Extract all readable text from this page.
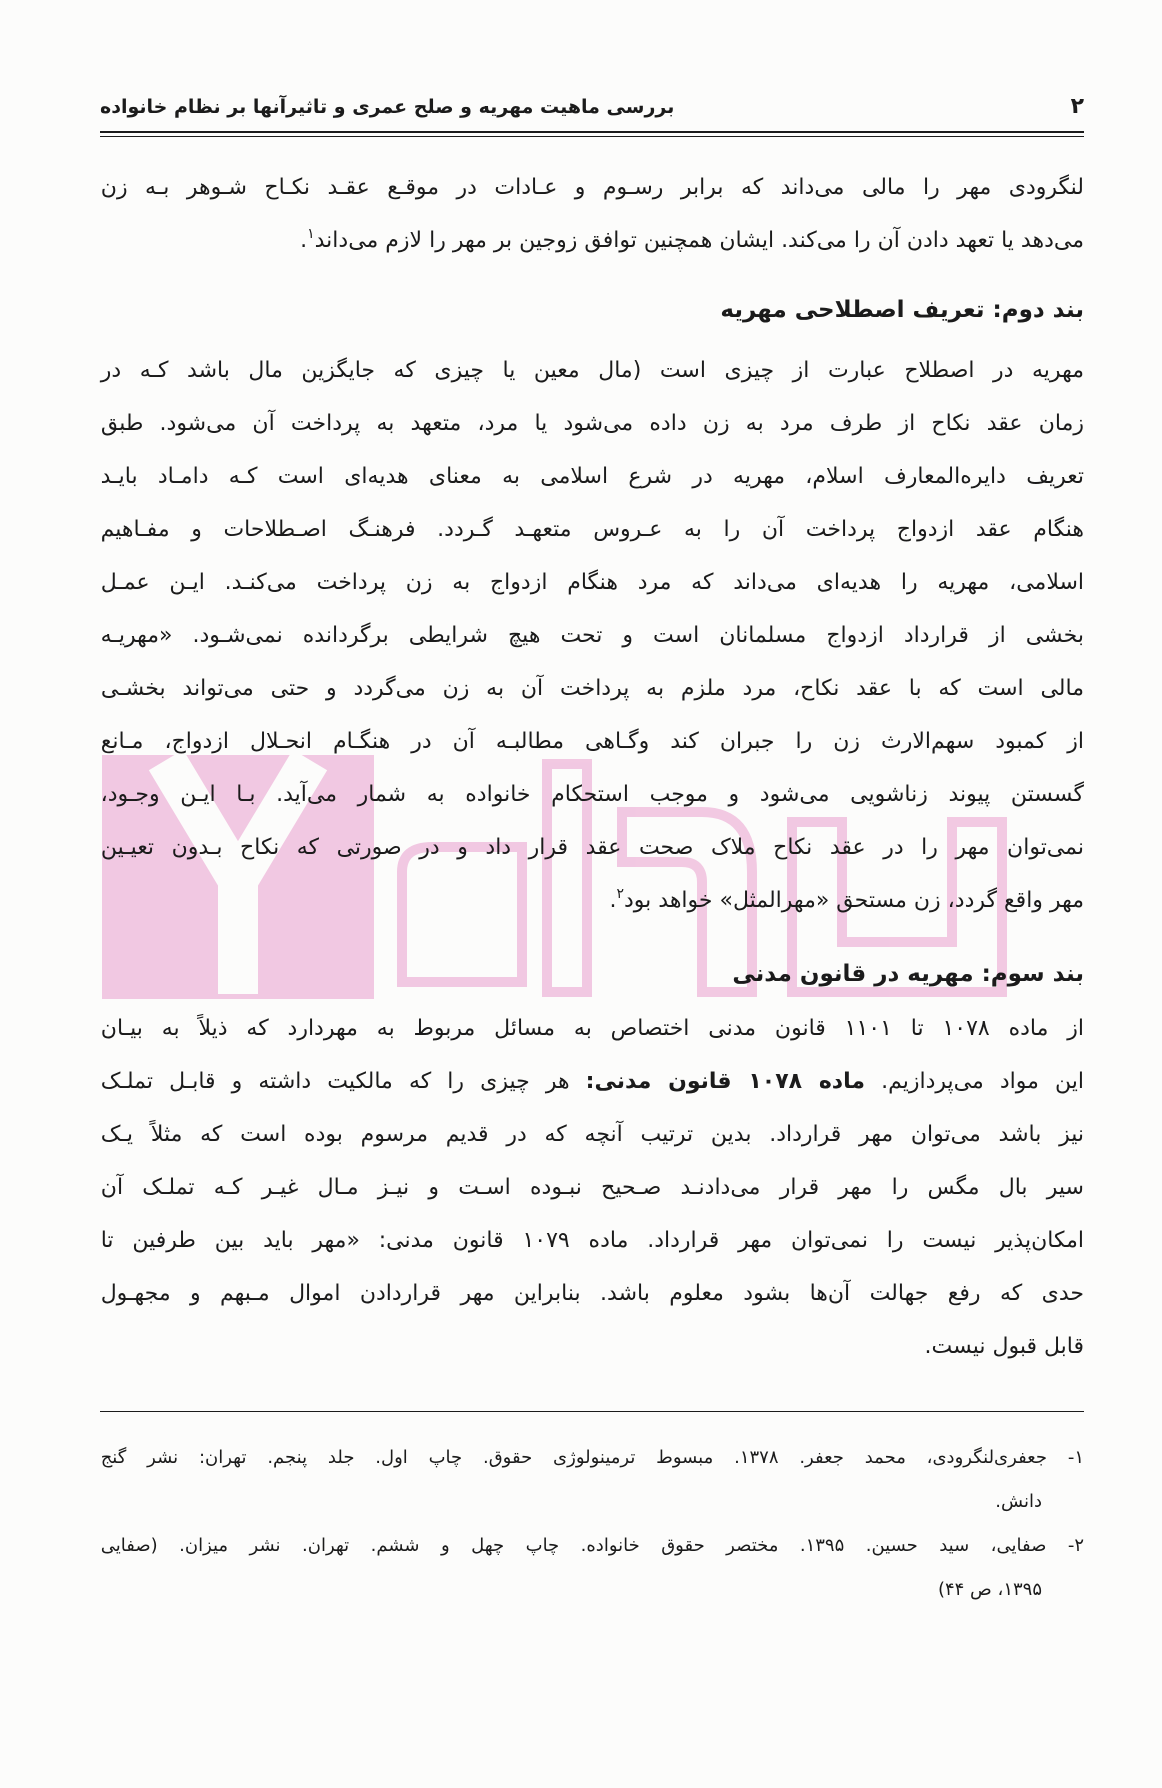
۲
بررسی ماهیت مهریه و صلح عمری و تاثیرآنها بر نظام خانواده
لنگرودی مهر را مالی می‌داند که برابر رسـوم و عـادات در موقـع عقـد نکـاح شـوهر بـه زن
می‌دهد یا تعهد دادن آن را می‌کند. ایشان همچنین توافق زوجین بر مهر را لازم می‌داند$^۱$.
بند دوم: تعریف اصطلاحی مهریه
مهریه در اصطلاح عبارت از چیزی است (مال معین یا چیزی که جایگزین مال باشد کـه در
زمان عقد نکاح از طرف مرد به زن داده می‌شود یا مرد، متعهد به پرداخت آن می‌شود. طبق
تعریف دایره‌المعارف اسلام، مهریه در شرع اسلامی به معنای هدیه‌ای است کـه دامـاد بایـد
هنگام عقد ازدواج پرداخت آن را به عـروس متعهـد گـردد. فرهنـگ اصـطلاحات و مفـاهیم
اسلامی، مهریه را هدیه‌ای می‌داند که مرد هنگام ازدواج به زن پرداخت می‌کنـد. ایـن عمـل
بخشی از قرارداد ازدواج مسلمانان است و تحت هیچ شرایطی برگردانده نمی‌شـود. «مهریـه
مالی است که با عقد نکاح، مرد ملزم به پرداخت آن به زن می‌گردد و حتی می‌تواند بخشـی
از کمبود سهم‌الارث زن را جبران کند وگـاهی مطالبـه آن در هنگـام انحـلال ازدواج، مـانع
گسستن پیوند زناشویی می‌شود و موجب استحکام خانواده به شمار می‌آید. بـا ایـن وجـود،
نمی‌توان مهر را در عقد نکاح ملاک صحت عقد قرار داد و در صورتی که نکاح بـدون تعیـین
مهر واقع گردد، زن مستحق «مهرالمثل» خواهد بود$^۲$.
بند سوم: مهریه در قانون مدنی
از ماده ۱۰۷۸ تا ۱۱۰۱ قانون مدنی اختصاص به مسائل مربوط به مهردارد که ذیلاً به بیـان
این مواد می‌پردازیم. ماده ۱۰۷۸ قانون مدنی: هر چیزی را که مالکیت داشته و قابـل تملـک
نیز باشد می‌توان مهر قرارداد. بدین ترتیب آنچه که در قدیم مرسوم بوده است که مثلاً یـک
سیر بال مگس را مهر قرار می‌دادنـد صـحیح نبـوده اسـت و نیـز مـال غیـر کـه تملـک آن
امکان‌پذیر نیست را نمی‌توان مهر قرارداد. ماده ۱۰۷۹ قانون مدنی: «مهر باید بین طرفین تا
حدی که رفع جهالت آن‌ها بشود معلوم باشد. بنابراین مهر قراردادن اموال مـبهم و مجهـول
قابل قبول نیست.
۱- جعفری‌لنگرودی، محمد جعفر. ۱۳۷۸. مبسوط ترمینولوژی حقوق. چاپ اول. جلد پنجم. تهران: نشر گنج
دانش.
۲- صفایی، سید حسین. ۱۳۹۵. مختصر حقوق خانواده. چاپ چهل و ششم. تهران. نشر میزان. (صفایی
۱۳۹۵، ص ۴۴)
